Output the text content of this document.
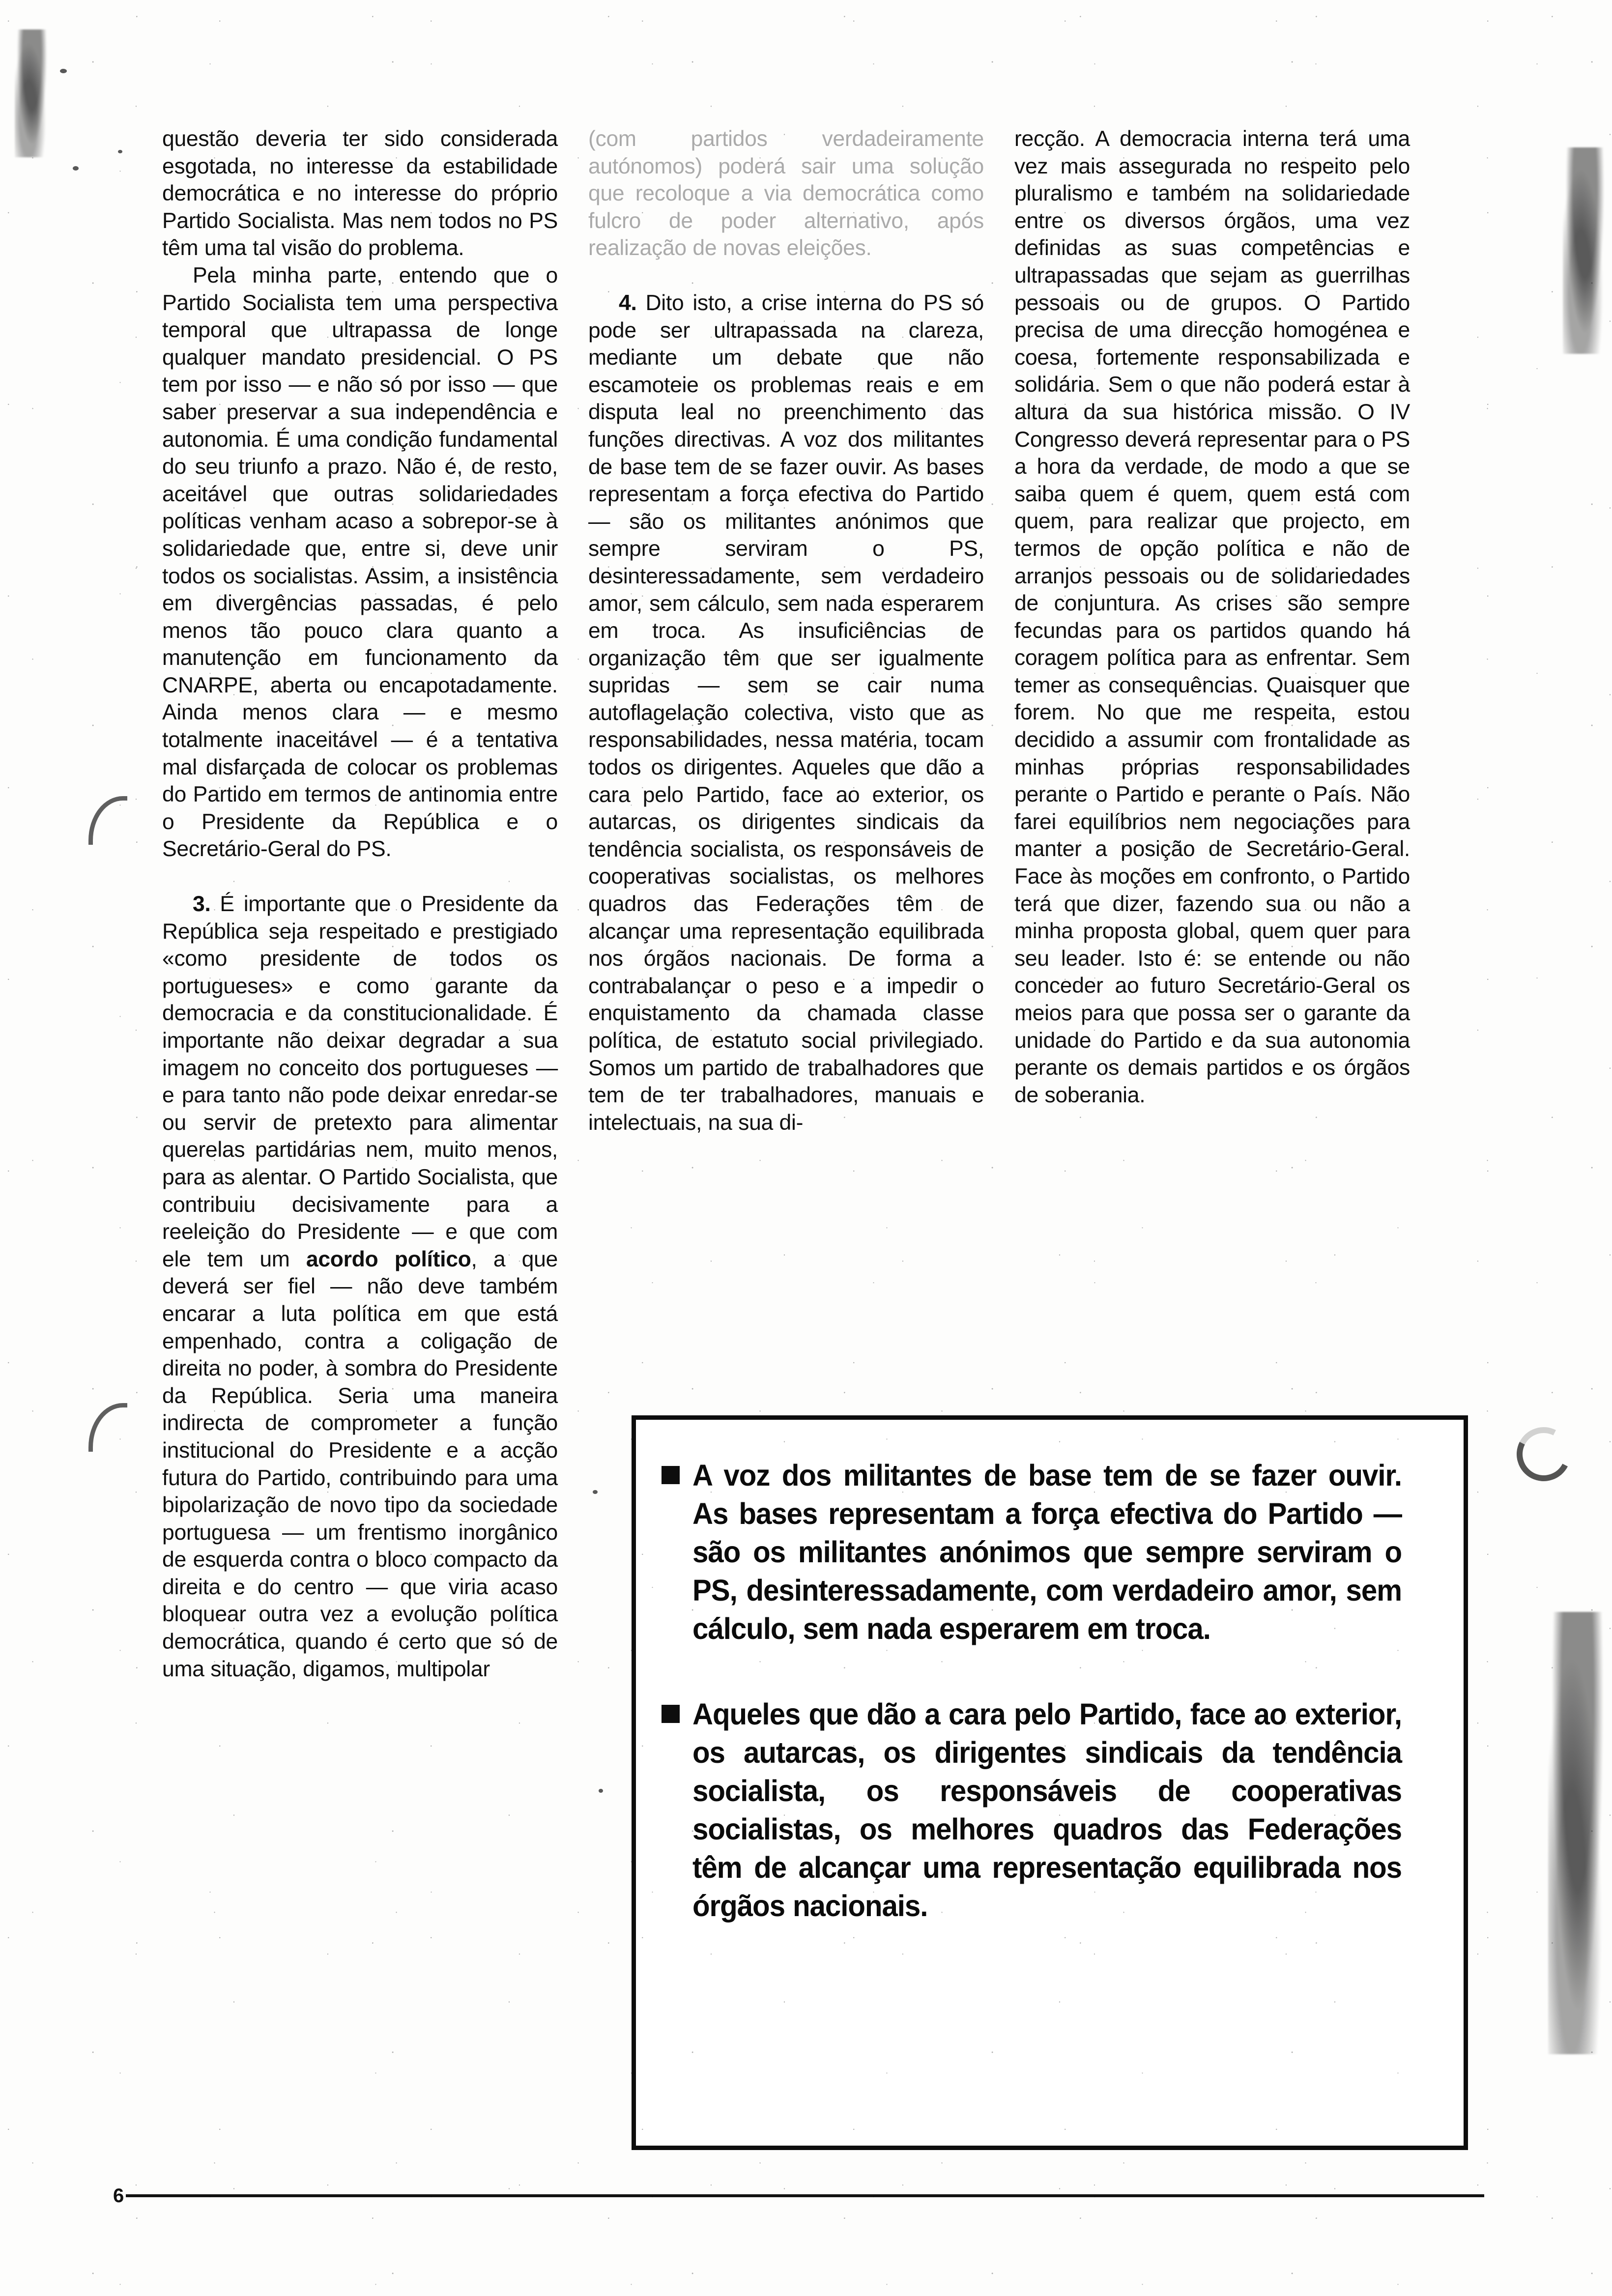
questão deveria ter sido considerada esgotada, no interesse da estabilidade democrática e no interesse do próprio Partido Socialista. Mas nem todos no PS têm uma tal visão do problema.

Pela minha parte, entendo que o Partido Socialista tem uma perspectiva temporal que ultrapassa de longe qualquer mandato presidencial. O PS tem por isso — e não só por isso — que saber preservar a sua independência e autonomia. É uma condição fundamental do seu triunfo a prazo. Não é, de resto, aceitável que outras solidariedades políticas venham acaso a sobrepor-se à solidariedade que, entre si, deve unir todos os socialistas. Assim, a insistência em divergências passadas, é pelo menos tão pouco clara quanto a manutenção em funcionamento da CNARPE, aberta ou encapotadamente. Ainda menos clara — e mesmo totalmente inaceitável — é a tentativa mal disfarçada de colocar os problemas do Partido em termos de antinomia entre o Presidente da República e o Secretário-Geral do PS.

3. É importante que o Presidente da República seja respeitado e prestigiado «como presidente de todos os portugueses» e como garante da democracia e da constitucionalidade. É importante não deixar degradar a sua imagem no conceito dos portugueses — e para tanto não pode deixar enredar-se ou servir de pretexto para alimentar querelas partidárias nem, muito menos, para as alentar. O Partido Socialista, que contribuiu decisivamente para a reeleição do Presidente — e que com ele tem um acordo político, a que deverá ser fiel — não deve também encarar a luta política em que está empenhado, contra a coligação de direita no poder, à sombra do Presidente da República. Seria uma maneira indirecta de comprometer a função institucional do Presidente e a acção futura do Partido, contribuindo para uma bipolarização de novo tipo da sociedade portuguesa — um frentismo inorgânico de esquerda contra o bloco compacto da direita e do centro — que viria acaso bloquear outra vez a evolução política democrática, quando é certo que só de uma situação, digamos, multipolar

(com partidos verdadeiramente autónomos) poderá sair uma solução que recoloque a via democrática como fulcro de poder alternativo, após realização de novas eleições.

4. Dito isto, a crise interna do PS só pode ser ultrapassada na clareza, mediante um debate que não escamoteie os problemas reais e em disputa leal no preenchimento das funções directivas. A voz dos militantes de base tem de se fazer ouvir. As bases representam a força efectiva do Partido — são os militantes anónimos que sempre serviram o PS, desinteressadamente, sem verdadeiro amor, sem cálculo, sem nada esperarem em troca. As insuficiências de organização têm que ser igualmente supridas — sem se cair numa autoflagelação colectiva, visto que as responsabilidades, nessa matéria, tocam todos os dirigentes. Aqueles que dão a cara pelo Partido, face ao exterior, os autarcas, os dirigentes sindicais da tendência socialista, os responsáveis de cooperativas socialistas, os melhores quadros das Federações têm de alcançar uma representação equilibrada nos órgãos nacionais. De forma a contrabalançar o peso e a impedir o enquistamento da chamada classe política, de estatuto social privilegiado. Somos um partido de trabalhadores que tem de ter trabalhadores, manuais e intelectuais, na sua di-

recção. A democracia interna terá uma vez mais assegurada no respeito pelo pluralismo e também na solidariedade entre os diversos órgãos, uma vez definidas as suas competências e ultrapassadas que sejam as guerrilhas pessoais ou de grupos. O Partido precisa de uma direcção homogénea e coesa, fortemente responsabilizada e solidária. Sem o que não poderá estar à altura da sua histórica missão. O IV Congresso deverá representar para o PS a hora da verdade, de modo a que se saiba quem é quem, quem está com quem, para realizar que projecto, em termos de opção política e não de arranjos pessoais ou de solidariedades de conjuntura. As crises são sempre fecundas para os partidos quando há coragem política para as enfrentar. Sem temer as consequências. Quaisquer que forem. No que me respeita, estou decidido a assumir com frontalidade as minhas próprias responsabilidades perante o Partido e perante o País. Não farei equilíbrios nem negociações para manter a posição de Secretário-Geral. Face às moções em confronto, o Partido terá que dizer, fazendo sua ou não a minha proposta global, quem quer para seu leader. Isto é: se entende ou não conceder ao futuro Secretário-Geral os meios para que possa ser o garante da unidade do Partido e da sua autonomia perante os demais partidos e os órgãos de soberania.

A voz dos militantes de base tem de se fazer ouvir. As bases representam a força efectiva do Partido — são os militantes anónimos que sempre serviram o PS, desinteressadamente, com verdadeiro amor, sem cálculo, sem nada esperarem em troca.
Aqueles que dão a cara pelo Partido, face ao exterior, os autarcas, os dirigentes sindicais da tendência socialista, os responsáveis de cooperativas socialistas, os melhores quadros das Federações têm de alcançar uma representação equilibrada nos órgãos nacionais.
6
